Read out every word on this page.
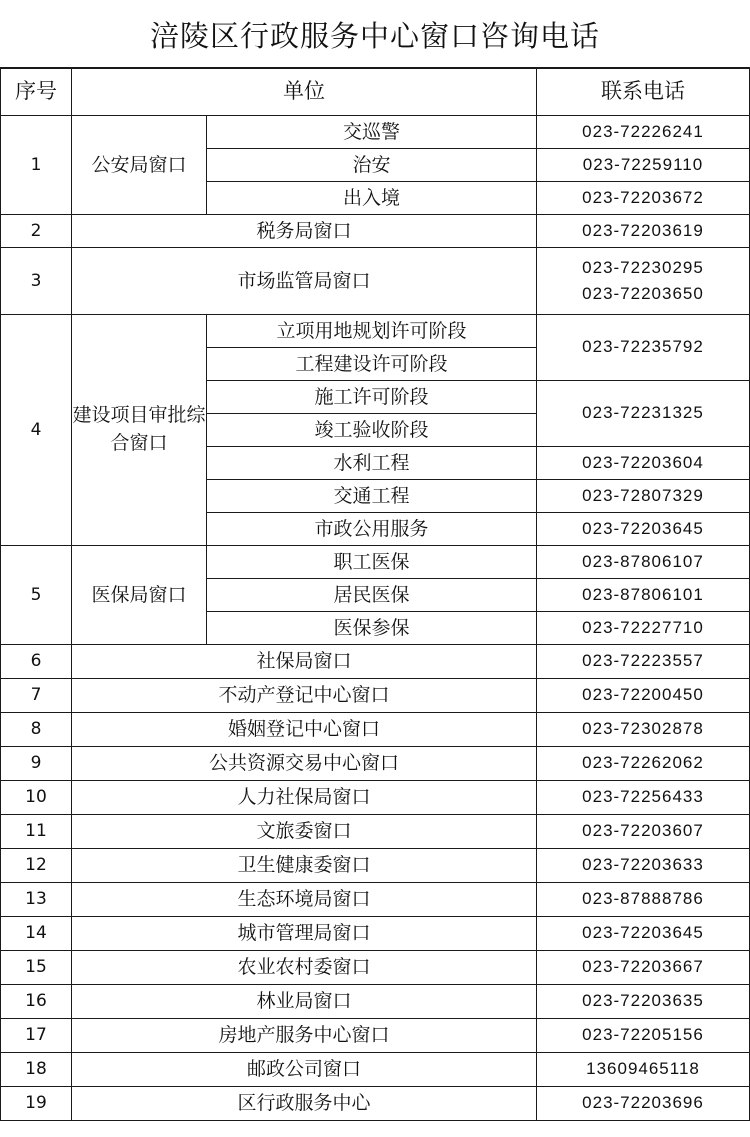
涪陵区行政服务中心窗口咨询电话
序号	单位		联系电话
1	公安局窗口	交巡警	023-72226241
		治安	023-72259110
		出入境	023-72203672
2	税务局窗口		023-72203619
3	市场监管局窗口		023-72230295
023-72203650

4	建设项目审批综合窗口	立项用地规划许可阶段	023-72235792
		工程建设许可阶段	
		施工许可阶段	023-72231325
		竣工验收阶段	
		水利工程	023-72203604
		交通工程	023-72807329
		市政公用服务	023-72203645
5	医保局窗口	职工医保	023-87806107
		居民医保	023-87806101
		医保参保	023-72227710
6	社保局窗口		023-72223557
7	不动产登记中心窗口		023-72200450
8	婚姻登记中心窗口		023-72302878
9	公共资源交易中心窗口		023-72262062
10	人力社保局窗口		023-72256433
11	文旅委窗口		023-72203607
12	卫生健康委窗口		023-72203633
13	生态环境局窗口		023-87888786
14	城市管理局窗口		023-72203645
15	农业农村委窗口		023-72203667
16	林业局窗口		023-72203635
17	房地产服务中心窗口		023-72205156
18	邮政公司窗口		13609465118
19	区行政服务中心		023-72203696
